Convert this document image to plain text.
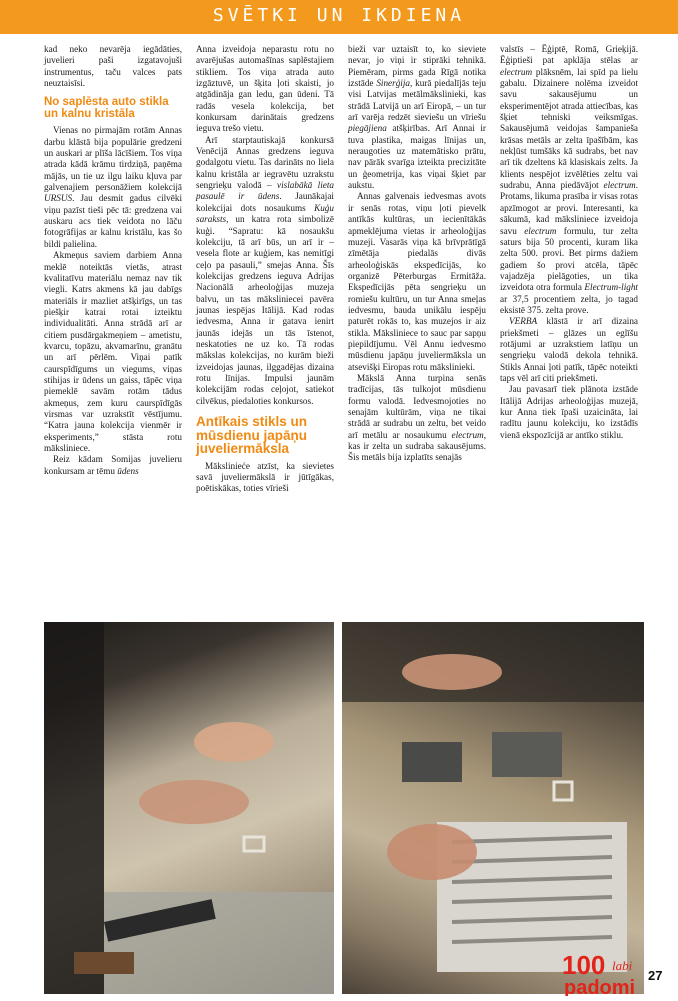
SVĒTKI UN IKDIENA

kad neko nevarēja iegādāties, juvelieri paši izgatavojuši instrumentus, taču valces pats neuztaisīsi.

No saplēsta auto stikla un kalnu kristāla

Vienas no pirmajām rotām Annas darbu klāstā bija populārie gredzeni un auskari ar plīša lācīšiem. Tos viņa atrada kādā krāmu tirdziņā, paņēma mājās, un tie uz ilgu laiku kļuva par galvenajiem personāžiem kolekcijā URSUS. Jau desmit gadus cilvēki viņu pazīst tieši pēc tā: gredzena vai auskaru acs tiek veidota no lāču fotogrāfijas ar kalnu kristālu, kas šo bildi palielina.

Akmeņus saviem darbiem Anna meklē noteiktās vietās, atrast kvalitatīvu materiālu nemaz nav tik viegli. Katrs akmens kā jau dabīgs materiāls ir mazliet atšķirīgs, un tas piešķir katrai rotai izteiktu individualitāti. Anna strādā arī ar citiem pusdārgakmeņiem – ametistu, kvarcu, topāzu, akvamarīnu, granātu un arī pērlēm. Viņai patīk caurspīdīgums un viegums, viņas stihijas ir ūdens un gaiss, tāpēc viņa piemeklē savām rotām tādus akmeņus, zem kuru caurspīdīgās virsmas var uzrakstīt vēstījumu. “Katra jauna kolekcija vienmēr ir eksperiments,” stāsta rotu māksliniece.

Reiz kādam Somijas juvelieru konkursam ar tēmu ūdens

Anna izveidoja neparastu rotu no avarējušas automašīnas saplēstajiem stikliem. Tos viņa atrada auto izgāztuvē, un šķita ļoti skaisti, jo atgādināja gan ledu, gan ūdeni. Tā radās vesela kolekcija, bet konkursam darinātais gredzens ieguva trešo vietu.

Arī starptautiskajā konkursā Venēcijā Annas gredzens ieguva godalgotu vietu. Tas darināts no liela kalnu kristāla ar iegravētu uzrakstu sengrieķu valodā – vislabākā lieta pasaulē ir ūdens. Jaunākajai kolekcijai dots nosaukums Kuģu saraksts, un katra rota simbolizē kuģi. “Sapratu: kā nosaukšu kolekciju, tā arī būs, un arī ir – vesela flote ar kuģiem, kas nemitīgi ceļo pa pasauli,” smejas Anna. Šīs kolekcijas gredzens ieguva Adrijas Nacionālā arheoloģijas muzeja balvu, un tas māksliniecei pavēra jaunas iespējas Itālijā. Kad rodas iedvesma, Anna ir gatava ienirt jaunās idejās un tās īstenot, neskatoties ne uz ko. Tā rodas mākslas kolekcijas, no kurām bieži izveidojas jaunas, ilggadējas dizaina rotu līnijas. Impulsi jaunām kolekcijām rodas ceļojot, satiekot cilvēkus, piedaloties konkursos.

Antīkais stikls un mūsdienu japāņu juveliermāksla

Mākslinieće atzīst, ka sievietes savā juveliermākslā ir jūtīgākas, poētiskākas, toties vīrieši

bieži var uztaisīt to, ko sieviete nevar, jo viņi ir stiprāki tehnikā. Piemēram, pirms gada Rīgā notika izstāde Sinerģija, kurā piedalījās teju visi Latvijas metālmākslinieki, kas strādā Latvijā un arī Eiropā, – un tur arī varēja redzēt sieviešu un vīriešu piegājiena atšķirības. Arī Annai ir tuva plastika, maigas līnijas un, neraugoties uz matemātisko prātu, nav pārāk svarīga izteikta precizitāte un ģeometrija, kas viņai šķiet par aukstu.

Annas galvenais iedvesmas avots ir senās rotas, viņu ļoti pievelk antīkās kultūras, un iecienītākās apmeklējuma vietas ir arheoloģijas muzeji. Vasarās viņa kā brīvprātīgā zīmētāja piedalās divās arheoloģiskās ekspedīcijās, ko organizē Pēterburgas Ermitāža. Ekspedīcijās pēta sengrieķu un romiešu kultūru, un tur Anna smeļas iedvesmu, bauda unikālu iespēju paturēt rokās to, kas muzejos ir aiz stikla. Māksliniece to sauc par sapņu piepildījumu. Vēl Annu iedvesmo mūsdienu japāņu juveliermāksla un atsevišķi Eiropas rotu mākslinieki.

Mākslā Anna turpina senās tradīcijas, tās tulkojot mūsdienu formu valodā. Iedvesmojoties no senajām kultūrām, viņa ne tikai strādā ar sudrabu un zeltu, bet veido arī metālu ar nosaukumu electrum, kas ir zelta un sudraba sakausējums. Šis metāls bija izplatīts senajās

valstīs – Ēģiptē, Romā, Grieķijā. Ēģiptieši pat apklāja stēlas ar electrum plāksnēm, lai spīd pa lielu gabalu. Dizainere nolēma izveidot savu sakausējumu un eksperimentējot atrada attiecības, kas šķiet tehniski veiksmīgas. Sakausējumā veidojas šampanieša krāsas metāls ar zelta īpašībām, kas nekļūst tumšāks kā sudrabs, bet nav arī tik dzeltens kā klasiskais zelts. Ja klients nespējot izvēlēties zeltu vai sudrabu, Anna piedāvājot electrum. Protams, likuma prasība ir visas rotas apzīmogot ar provi. Interesanti, ka sākumā, kad māksliniece izveidoja savu electrum formulu, tur zelta saturs bija 50 procenti, kuram lika zelta 500. provi. Bet pirms dažiem gadiem šo provi atcēla, tāpēc vajadzēja pielāgoties, un tika izveidota otra formula Electrum-light ar 37,5 procentiem zelta, jo tagad eksistē 375. zelta prove.

VERBA klāstā ir arī dizaina priekšmeti – glāzes un eglīšu rotājumi ar uzrakstiem latīņu un sengrieķu valodā dekola tehnikā. Stikls Annai ļoti patīk, tāpēc noteikti taps vēl arī citi priekšmeti.

Jau pavasarī tiek plānota izstāde Itālijā Adrijas arheoloģijas muzejā, kur Anna tiek īpaši uzaicināta, lai radītu jaunu kolekciju, ko izstādīs vienā ekspozīcijā ar antīko stiklu.

100 labi
padomi
27
